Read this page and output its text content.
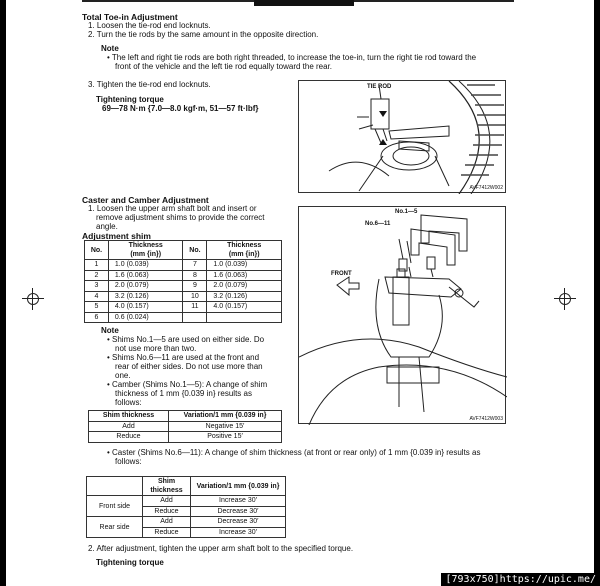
Total Toe-in Adjustment
1. Loosen the tie-rod end locknuts.
2. Turn the tie rods by the same amount in the opposite direction.
Note
• The left and right tie rods are both right threaded, to increase the toe-in, turn the right tie rod toward the
front of the vehicle and the left tie rod equally toward the rear.
3. Tighten the tie-rod end locknuts.
Tightening torque
69—78 N·m {7.0—8.0 kgf·m, 51—57 ft·lbf}
TIE ROD
AVF7412W002
Caster and Camber Adjustment
1. Loosen the upper arm shaft bolt and insert or
remove adjustment shims to provide the correct
angle.
Adjustment shim
No.	Thickness	No.	Thickness
	(mm {in})		(mm {in})
1	1.0 (0.039)	7	1.0 (0.039)
2	1.6 (0.063)	8	1.6 (0.063)
3	2.0 (0.079)	9	2.0 (0.079)
4	3.2 (0.126)	10	3.2 (0.126)
5	4.0 (0.157)	11	4.0 (0.157)
6	0.6 (0.024)		
Note
• Shims No.1—5 are used on either side. Do
not use more than two.
• Shims No.6—11 are used at the front and
rear of either sides. Do not use more than
one.
• Camber (Shims No.1—5): A change of shim
thickness of 1 mm {0.039 in} results as
follows:
Shim thickness	Variation/1 mm {0.039 in}
Add	Negative 15′
Reduce	Positive 15′
• Caster (Shims No.6—11): A change of shim thickness (at front or rear only) of 1 mm {0.039 in} results as
follows:
	Shim	Variation/1 mm {0.039 in}
	thickness	
Front side	Add	Increase 30′
	Reduce	Decrease 30′
Rear side	Add	Decrease 30′
	Reduce	Increase 30′
2. After adjustment, tighten the upper arm shaft bolt to the specified torque.
Tightening torque
No.1—5
No.6—11
FRONT
AVF7412W003
[793x750]https://upic.me/
